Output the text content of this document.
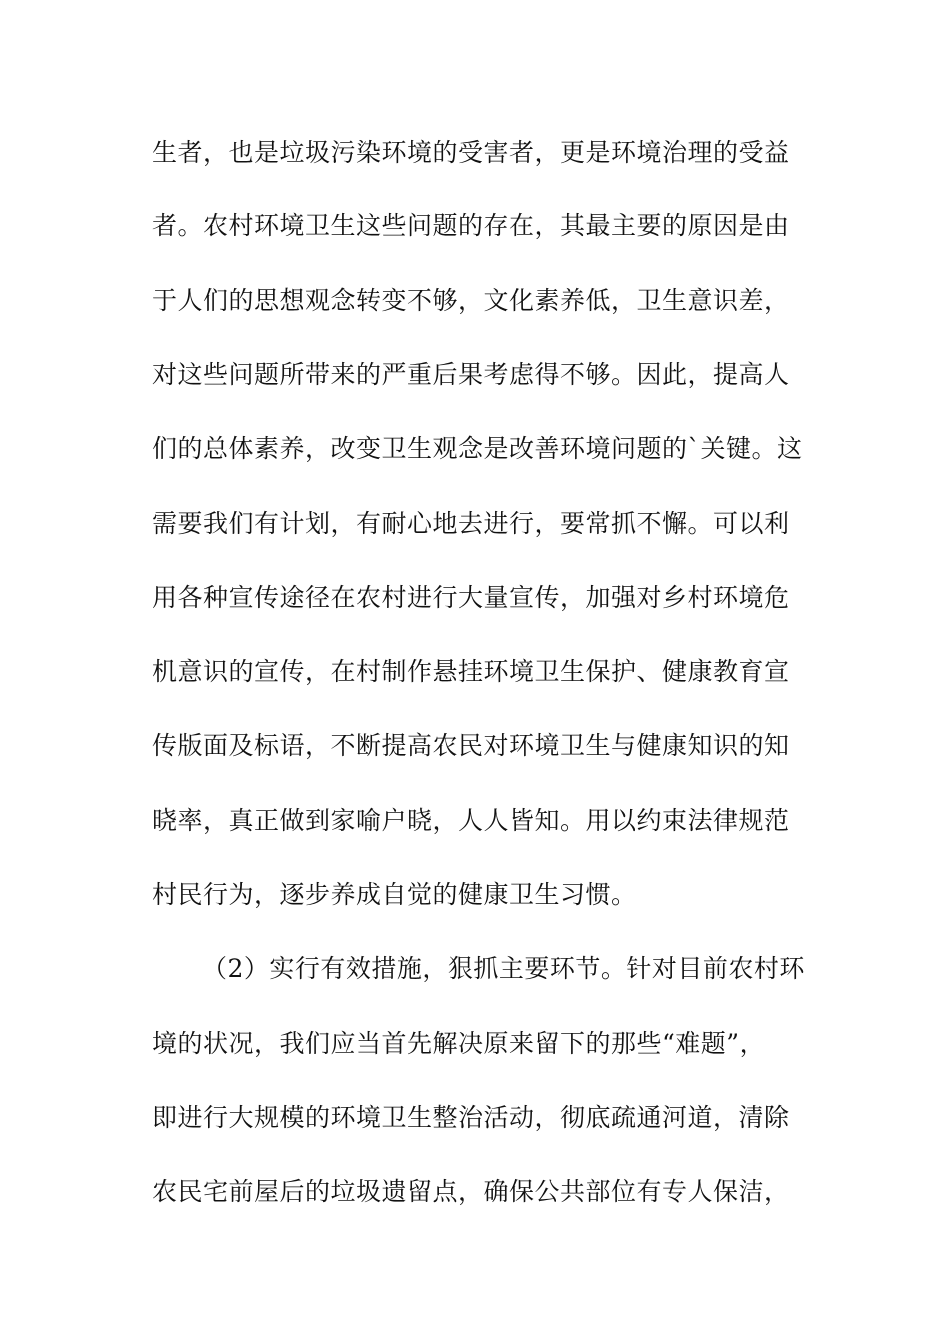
生者，也是垃圾污染环境的受害者，更是环境治理的受益
者。农村环境卫生这些问题的存在，其最主要的原因是由
于人们的思想观念转变不够，文化素养低，卫生意识差，
对这些问题所带来的严重后果考虑得不够。因此，提高人
们的总体素养，改变卫生观念是改善环境问题的`关键。这
需要我们有计划，有耐心地去进行，要常抓不懈。可以利
用各种宣传途径在农村进行大量宣传，加强对乡村环境危
机意识的宣传，在村制作悬挂环境卫生保护、健康教育宣
传版面及标语，不断提高农民对环境卫生与健康知识的知
晓率，真正做到家喻户晓，人人皆知。用以约束法律规范
村民行为，逐步养成自觉的健康卫生习惯。
（2）实行有效措施，狠抓主要环节。针对目前农村环
境的状况，我们应当首先解决原来留下的那些“难题”，
即进行大规模的环境卫生整治活动，彻底疏通河道，清除
农民宅前屋后的垃圾遗留点，确保公共部位有专人保洁，
